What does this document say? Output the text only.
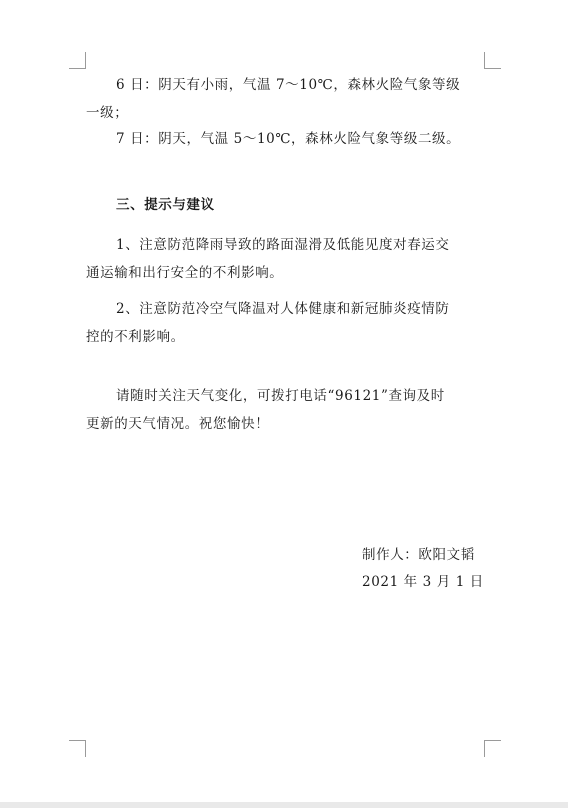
6 日：阴天有小雨，气温 7～10℃，森林火险气象等级
一级；
7 日：阴天，气温 5～10℃，森林火险气象等级二级。
三、提示与建议
1、注意防范降雨导致的路面湿滑及低能见度对春运交
通运输和出行安全的不利影响。
2、注意防范冷空气降温对人体健康和新冠肺炎疫情防
控的不利影响。
请随时关注天气变化，可拨打电话“96121”查询及时
更新的天气情况。祝您愉快！
制作人：欧阳文韬
2021 年 3 月 1 日
